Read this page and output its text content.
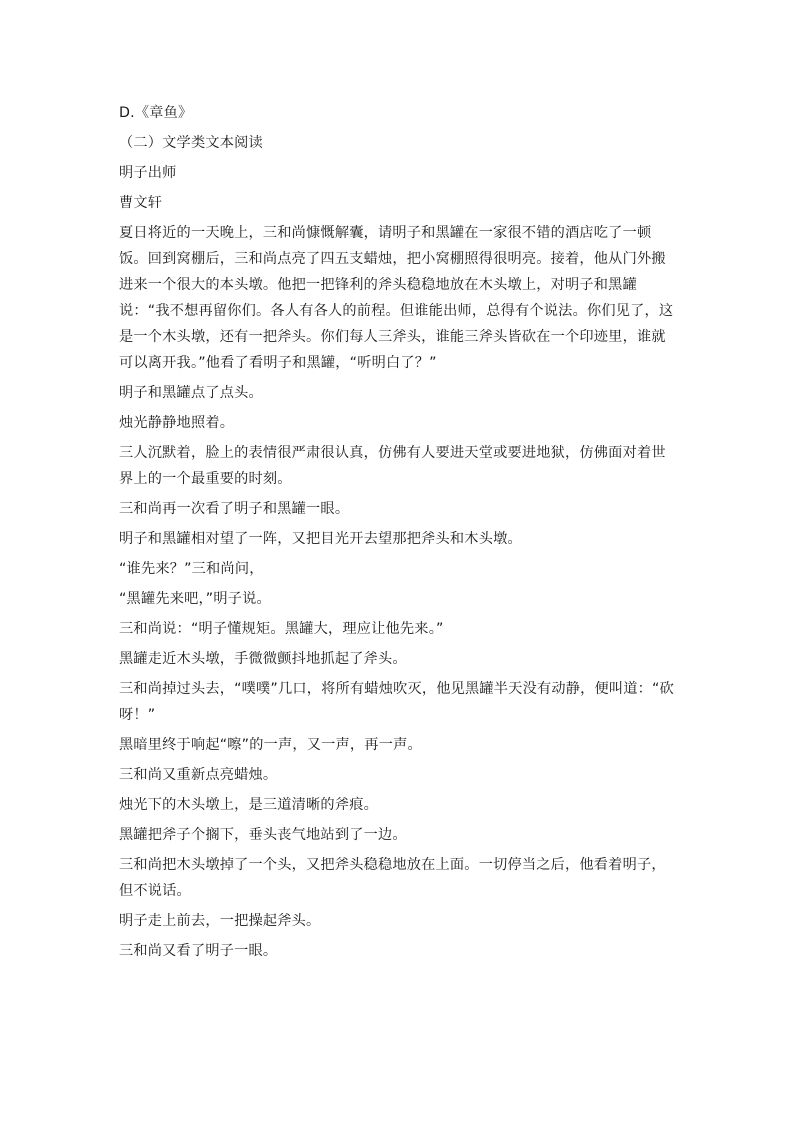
D.《章鱼》

（二）文学类文本阅读

明子出师

曹文轩

夏日将近的一天晚上，三和尚慷慨解囊，请明子和黑罐在一家很不错的酒店吃了一顿饭。回到窝棚后，三和尚点亮了四五支蜡烛，把小窝棚照得很明亮。接着，他从门外搬进来一个很大的本头墩。他把一把锋利的斧头稳稳地放在木头墩上，对明子和黑罐说：“我不想再留你们。各人有各人的前程。但谁能出师，总得有个说法。你们见了，这是一个木头墩，还有一把斧头。你们每人三斧头，谁能三斧头皆砍在一个印迹里，谁就可以离开我。”他看了看明子和黑罐，“听明白了？”

明子和黑罐点了点头。

烛光静静地照着。

三人沉默着，脸上的表情很严肃很认真，仿佛有人要进天堂或要进地狱，仿佛面对着世界上的一个最重要的时刻。

三和尚再一次看了明子和黑罐一眼。

明子和黑罐相对望了一阵，又把目光开去望那把斧头和木头墩。

“谁先来？”三和尚问，

“黑罐先来吧，”明子说。

三和尚说：“明子懂规矩。黑罐大，理应让他先来。”

黑罐走近木头墩，手微微颤抖地抓起了斧头。

三和尚掉过头去，“噗噗”几口，将所有蜡烛吹灭，他见黑罐半天没有动静，便叫道：“砍呀！”

黑暗里终于响起“嚓”的一声，又一声，再一声。

三和尚又重新点亮蜡烛。

烛光下的木头墩上，是三道清晰的斧痕。

黑罐把斧子个搁下，垂头丧气地站到了一边。

三和尚把木头墩掉了一个头，又把斧头稳稳地放在上面。一切停当之后，他看着明子，但不说话。

明子走上前去，一把操起斧头。

三和尚又看了明子一眼。
